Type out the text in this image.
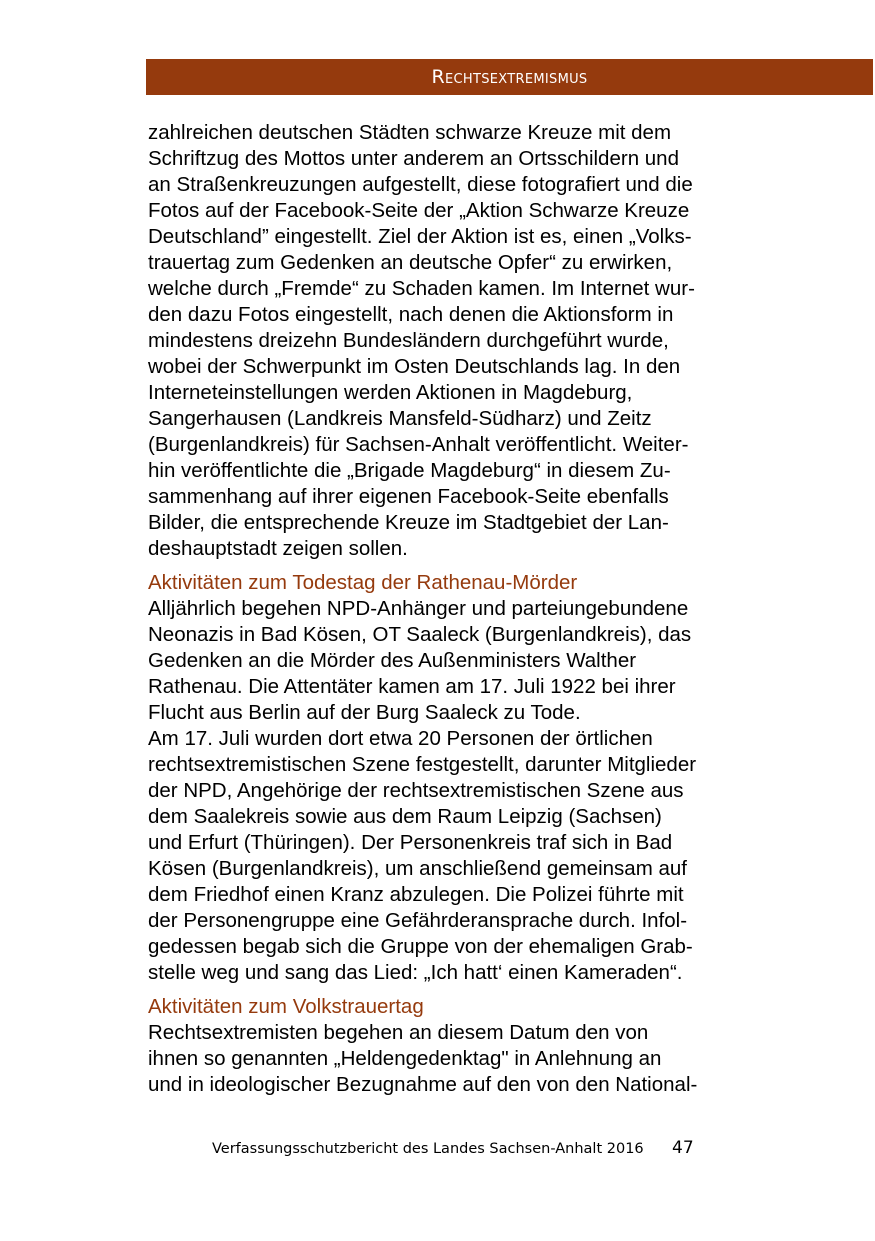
Rechtsextremismus
zahlreichen deutschen Städten schwarze Kreuze mit dem
Schriftzug des Mottos unter anderem an Ortsschildern und
an Straßenkreuzungen aufgestellt, diese fotografiert und die
Fotos auf der Facebook-Seite der „Aktion Schwarze Kreuze
Deutschland” eingestellt. Ziel der Aktion ist es, einen „Volks-
trauertag zum Gedenken an deutsche Opfer“ zu erwirken,
welche durch „Fremde“ zu Schaden kamen. Im Internet wur-
den dazu Fotos eingestellt, nach denen die Aktionsform in
mindestens dreizehn Bundesländern durchgeführt wurde,
wobei der Schwerpunkt im Osten Deutschlands lag. In den
Interneteinstellungen werden Aktionen in Magdeburg,
Sangerhausen (Landkreis Mansfeld-Südharz) und Zeitz
(Burgenlandkreis) für Sachsen-Anhalt veröffentlicht. Weiter-
hin veröffentlichte die „Brigade Magdeburg“ in diesem Zu-
sammenhang auf ihrer eigenen Facebook-Seite ebenfalls
Bilder, die entsprechende Kreuze im Stadtgebiet der Lan-
deshauptstadt zeigen sollen.
Aktivitäten zum Todestag der Rathenau-Mörder
Alljährlich begehen NPD-Anhänger und parteiungebundene
Neonazis in Bad Kösen, OT Saaleck (Burgenlandkreis), das
Gedenken an die Mörder des Außenministers Walther
Rathenau. Die Attentäter kamen am 17. Juli 1922 bei ihrer
Flucht aus Berlin auf der Burg Saaleck zu Tode.
Am 17. Juli wurden dort etwa 20 Personen der örtlichen
rechtsextremistischen Szene festgestellt, darunter Mitglieder
der NPD, Angehörige der rechtsextremistischen Szene aus
dem Saalekreis sowie aus dem Raum Leipzig (Sachsen)
und Erfurt (Thüringen). Der Personenkreis traf sich in Bad
Kösen (Burgenlandkreis), um anschließend gemeinsam auf
dem Friedhof einen Kranz abzulegen. Die Polizei führte mit
der Personengruppe eine Gefährderansprache durch. Infol-
gedessen begab sich die Gruppe von der ehemaligen Grab-
stelle weg und sang das Lied: „Ich hatt‘ einen Kameraden“.
Aktivitäten zum Volkstrauertag
Rechtsextremisten begehen an diesem Datum den von
ihnen so genannten „Heldengedenktag" in Anlehnung an
und in ideologischer Bezugnahme auf den von den National-
Verfassungsschutzbericht des Landes Sachsen-Anhalt 2016 47
